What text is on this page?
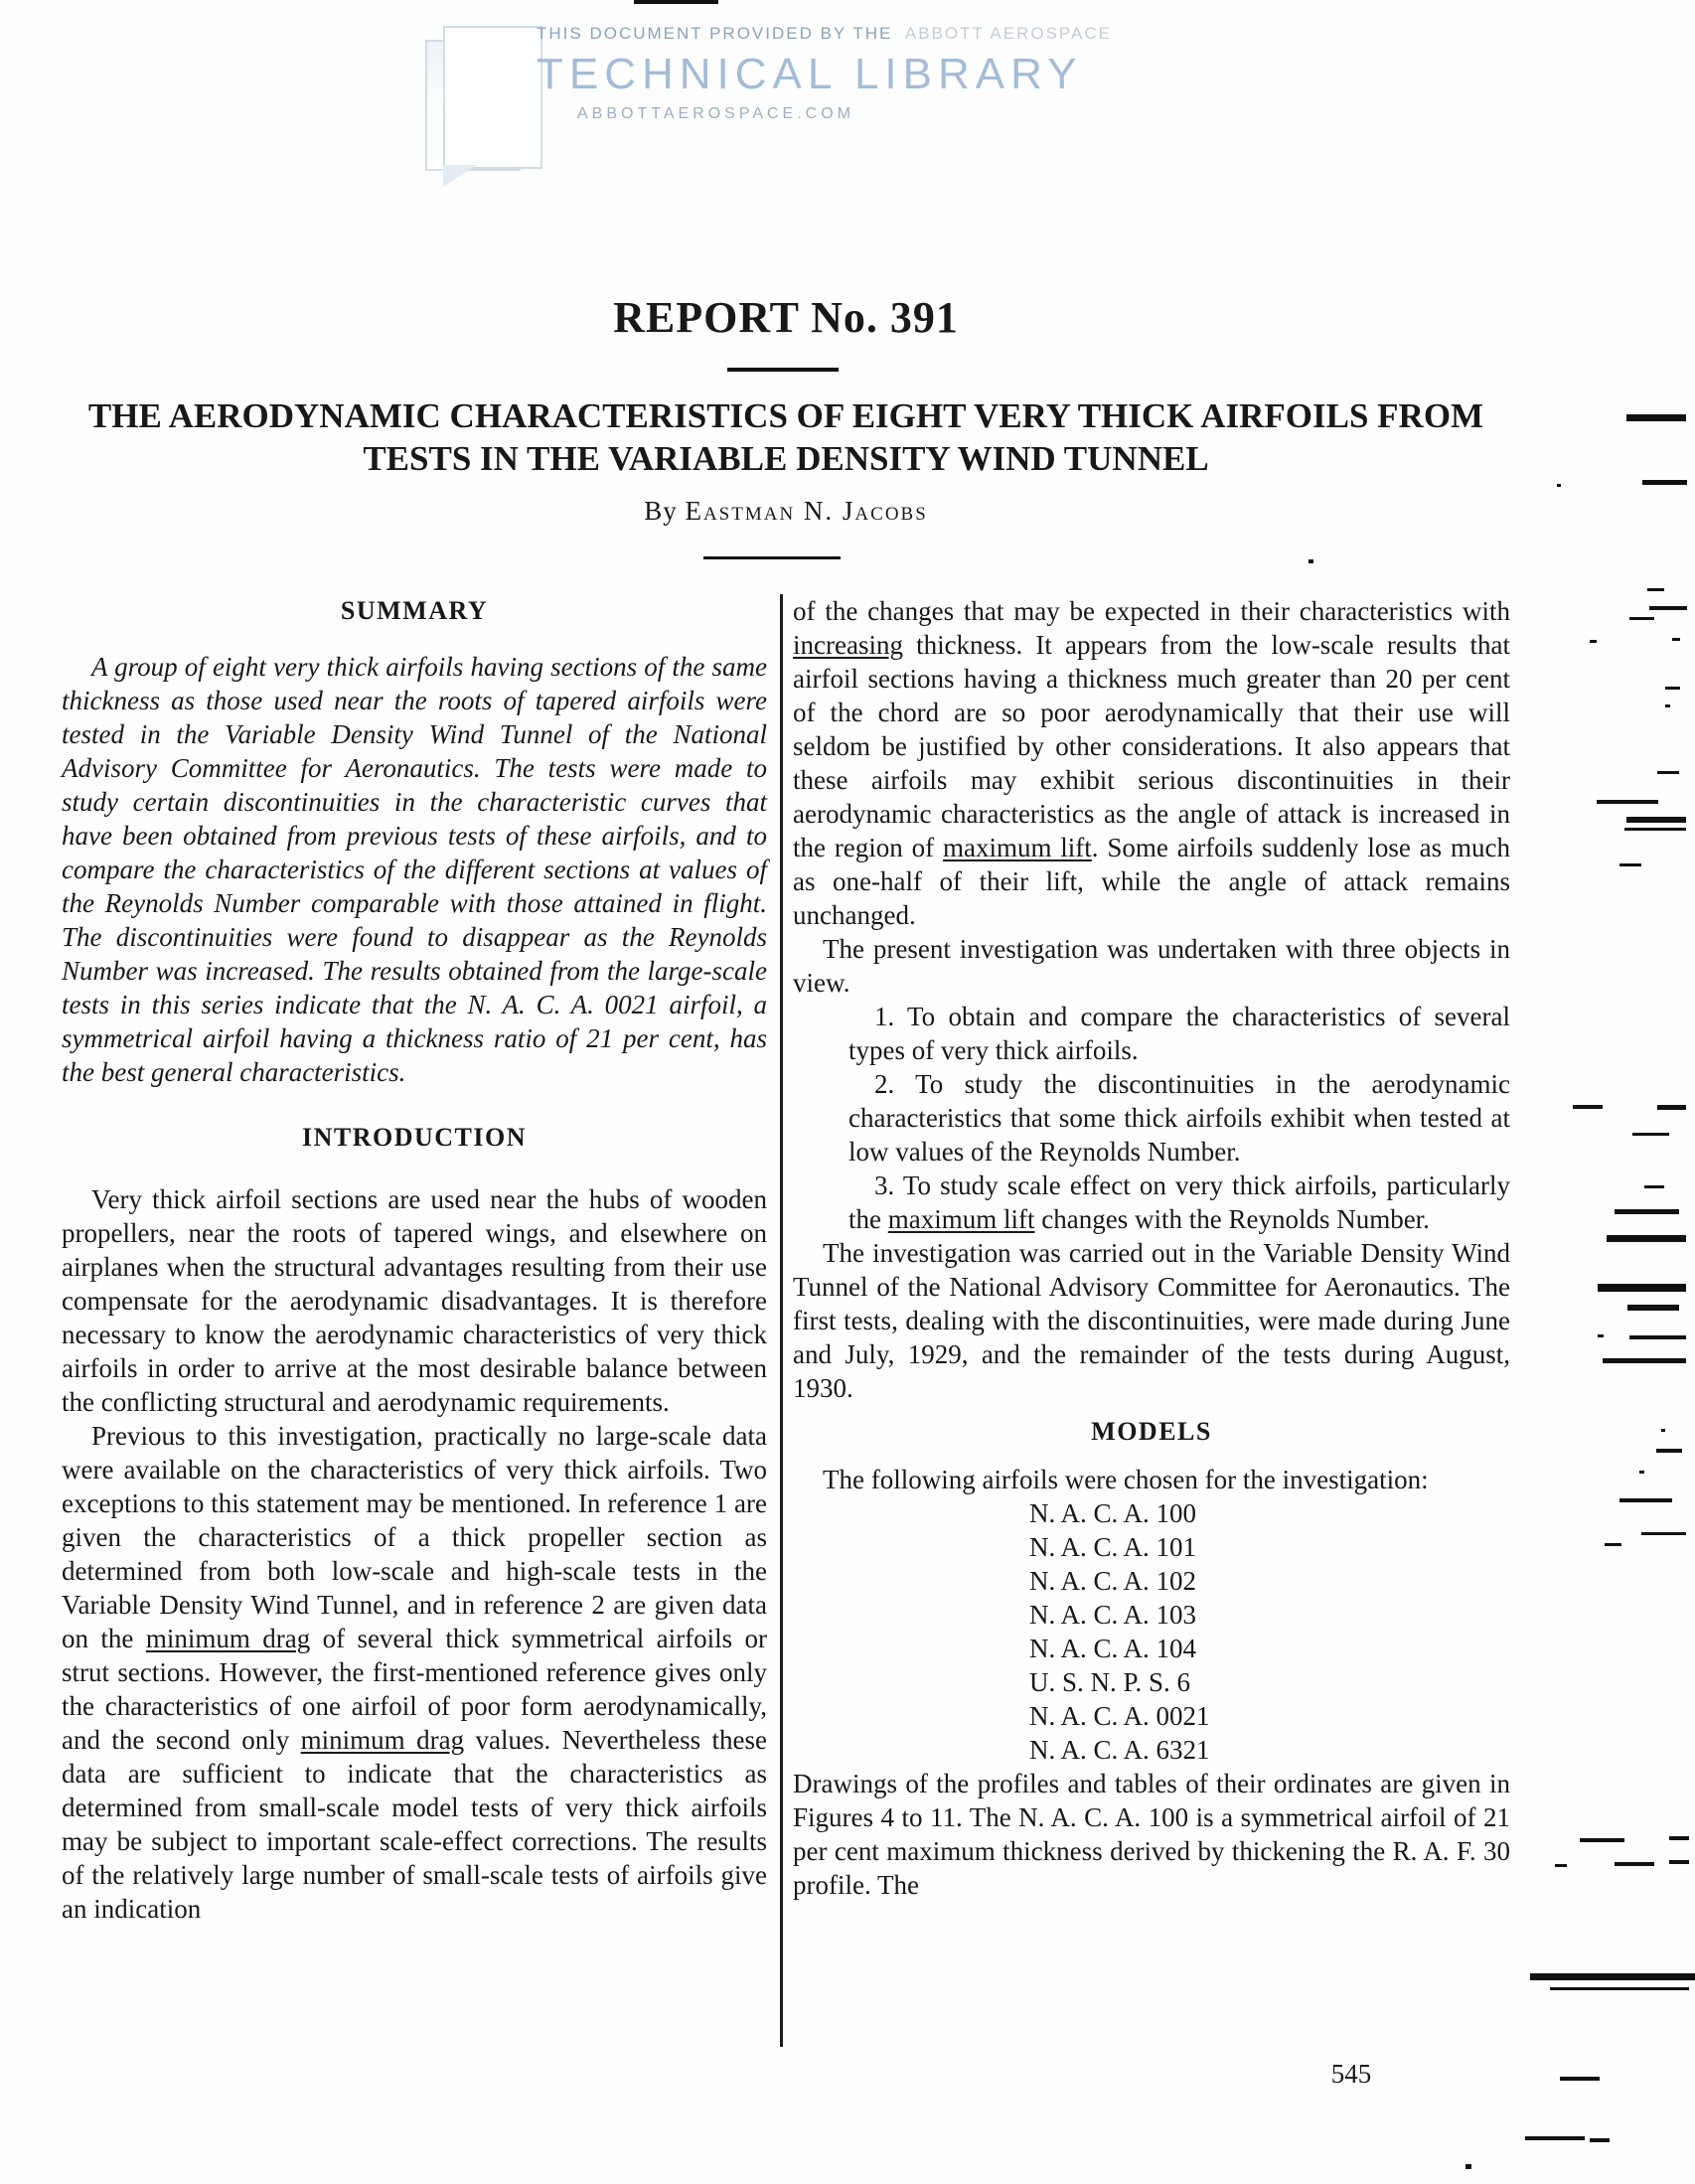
THIS DOCUMENT PROVIDED BY THE ABBOTT AEROSPACE
TECHNICAL LIBRARY
ABBOTTAEROSPACE.COM
REPORT No. 391
THE AERODYNAMIC CHARACTERISTICS OF EIGHT VERY THICK AIRFOILS FROM
TESTS IN THE VARIABLE DENSITY WIND TUNNEL
By Eastman N. Jacobs
SUMMARY

A group of eight very thick airfoils having sections of the same thickness as those used near the roots of tapered airfoils were tested in the Variable Density Wind Tunnel of the National Advisory Committee for Aeronautics. The tests were made to study certain discontinuities in the characteristic curves that have been obtained from previous tests of these airfoils, and to compare the characteristics of the different sections at values of the Reynolds Number comparable with those attained in flight. The discontinuities were found to disappear as the Reynolds Number was increased. The results obtained from the large-scale tests in this series indicate that the N. A. C. A. 0021 airfoil, a symmetrical airfoil having a thickness ratio of 21 per cent, has the best general characteristics.

INTRODUCTION

Very thick airfoil sections are used near the hubs of wooden propellers, near the roots of tapered wings, and elsewhere on airplanes when the structural advantages resulting from their use compensate for the aerodynamic disadvantages. It is therefore necessary to know the aerodynamic characteristics of very thick airfoils in order to arrive at the most desirable balance between the conflicting structural and aerodynamic requirements.

Previous to this investigation, practically no large-scale data were available on the characteristics of very thick airfoils. Two exceptions to this statement may be mentioned. In reference 1 are given the characteristics of a thick propeller section as determined from both low-scale and high-scale tests in the Variable Density Wind Tunnel, and in reference 2 are given data on the minimum drag of several thick symmetrical airfoils or strut sections. However, the first-mentioned reference gives only the characteristics of one airfoil of poor form aerodynamically, and the second only minimum drag values. Nevertheless these data are sufficient to indicate that the characteristics as determined from small-scale model tests of very thick airfoils may be subject to important scale-effect corrections. The results of the relatively large number of small-scale tests of airfoils give an indication

of the changes that may be expected in their characteristics with increasing thickness. It appears from the low-scale results that airfoil sections having a thickness much greater than 20 per cent of the chord are so poor aerodynamically that their use will seldom be justified by other considerations. It also appears that these airfoils may exhibit serious discontinuities in their aerodynamic characteristics as the angle of attack is increased in the region of maximum lift. Some airfoils suddenly lose as much as one-half of their lift, while the angle of attack remains unchanged.

The present investigation was undertaken with three objects in view.

1. To obtain and compare the characteristics of several types of very thick airfoils.

2. To study the discontinuities in the aerodynamic characteristics that some thick airfoils exhibit when tested at low values of the Reynolds Number.

3. To study scale effect on very thick airfoils, particularly the maximum lift changes with the Reynolds Number.

The investigation was carried out in the Variable Density Wind Tunnel of the National Advisory Committee for Aeronautics. The first tests, dealing with the discontinuities, were made during June and July, 1929, and the remainder of the tests during August, 1930.

MODELS

The following airfoils were chosen for the investigation:

N. A. C. A. 100
N. A. C. A. 101
N. A. C. A. 102
N. A. C. A. 103
N. A. C. A. 104
U. S. N. P. S. 6
N. A. C. A. 0021
N. A. C. A. 6321

Drawings of the profiles and tables of their ordinates are given in Figures 4 to 11. The N. A. C. A. 100 is a symmetrical airfoil of 21 per cent maximum thickness derived by thickening the R. A. F. 30 profile. The

545
